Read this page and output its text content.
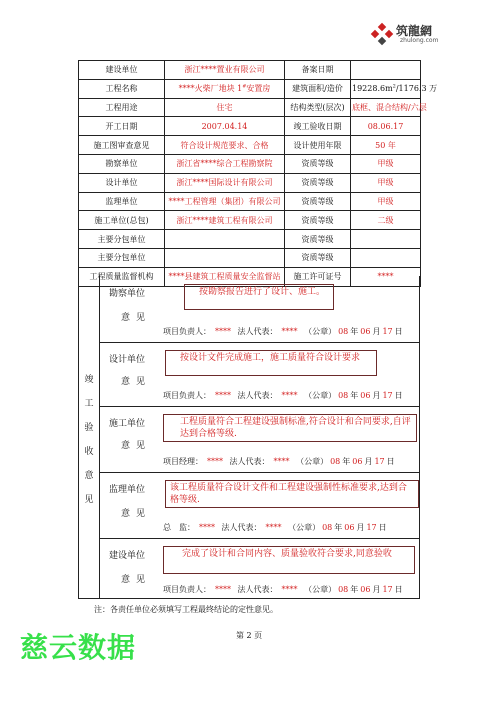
筑龍網
zhulong.com
建设单位	浙江****置业有限公司	备案日期	
工程名称	****火柴厂地块 1#安置房	建筑面积/造价	$19228.6m^2/1176.3$ 万
工程用途	住宅	结构类型(层次)	底框、混合结构/六层
开工日期	2007.04.14	竣工验收日期	08.06.17
施工图审查意见	符合设计规范要求、合格	设计使用年限	50 年
勘察单位	浙江省****综合工程勘察院	资质等级	甲级
设计单位	浙江****国际设计有限公司	资质等级	甲级
监理单位	****工程管理（集团）有限公司	资质等级	甲级
施工单位(总包)	浙江****建筑工程有限公司	资质等级	二级
主要分包单位		资质等级	
主要分包单位		资质等级	
工程质量监督机构	****县建筑工程质量安全监督站	施工许可证号	****
竣
工
验
收
意
见
勘察单位
意见
按勘察报告进行了设计、施工。
项目负责人： **** 法人代表： **** （公章） 08 年 06 月 17 日
设计单位
意见
按设计文件完成施工，施工质量符合设计要求
项目负责人： **** 法人代表： **** （公章） 08 年 06 月 17 日
施工单位
意见
工程质量符合工程建设强制标准,符合设计和合同要求,自评达到合格等级.
项目经理： **** 法人代表： **** （公章） 08 年 06 月 17 日
监理单位
意见
该工程质量符合设计文件和工程建设强制性标准要求,达到合格等级.
总　监： **** 法人代表： **** （公章） 08 年 06 月 17 日
建设单位
意见
完成了设计和合同内容、质量验收符合要求,同意验收
项目负责人： **** 法人代表： **** （公章） 08 年 06 月 17 日
注：各责任单位必须填写工程最终结论的定性意见。
慈云数据	第 2 页
